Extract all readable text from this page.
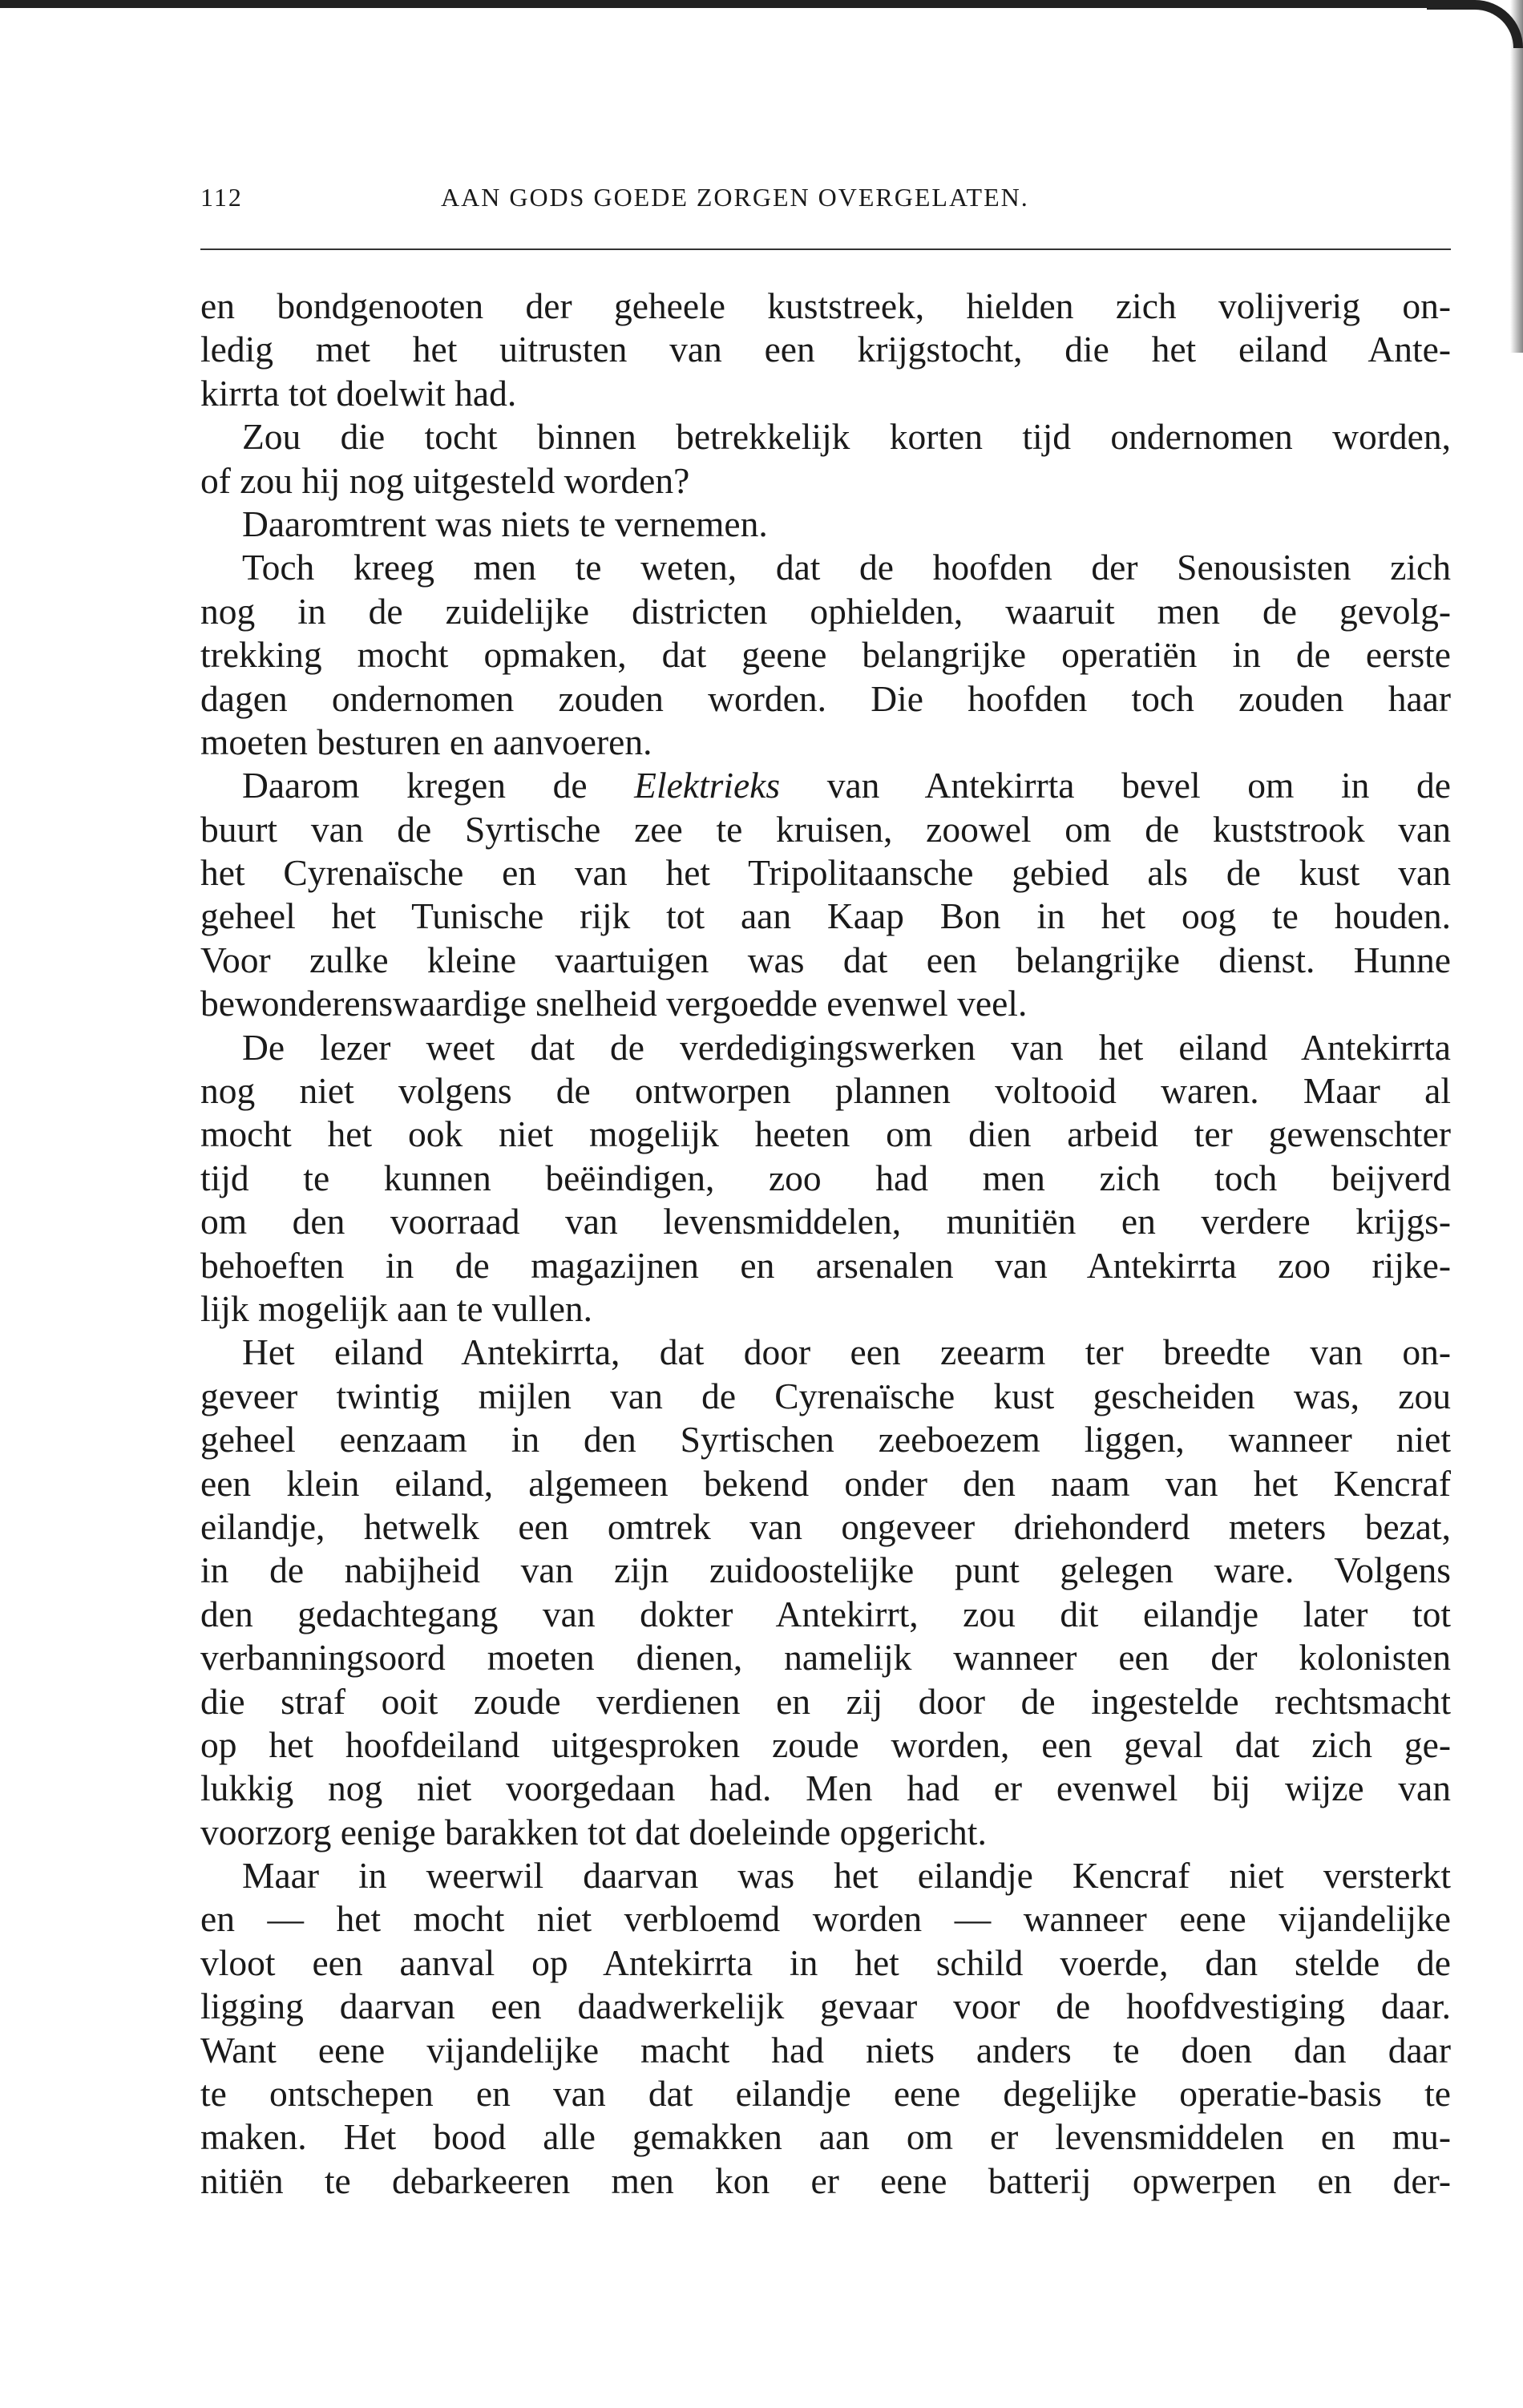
112	AAN GODS GOEDE ZORGEN OVERGELATEN.
en bondgenooten der geheele kuststreek, hielden zich volijverig on-
ledig met het uitrusten van een krijgstocht, die het eiland Ante-
kirrta tot doelwit had.
Zou die tocht binnen betrekkelijk korten tijd ondernomen worden,
of zou hij nog uitgesteld worden?
Daaromtrent was niets te vernemen.
Toch kreeg men te weten, dat de hoofden der Senousisten zich
nog in de zuidelijke districten ophielden, waaruit men de gevolg-
trekking mocht opmaken, dat geene belangrijke operatiën in de eerste
dagen ondernomen zouden worden. Die hoofden toch zouden haar
moeten besturen en aanvoeren.
Daarom kregen de Elektrieks van Antekirrta bevel om in de
buurt van de Syrtische zee te kruisen, zoowel om de kuststrook van
het Cyrenaïsche en van het Tripolitaansche gebied als de kust van
geheel het Tunische rijk tot aan Kaap Bon in het oog te houden.
Voor zulke kleine vaartuigen was dat een belangrijke dienst. Hunne
bewonderenswaardige snelheid vergoedde evenwel veel.
De lezer weet dat de verdedigingswerken van het eiland Antekirrta
nog niet volgens de ontworpen plannen voltooid waren. Maar al
mocht het ook niet mogelijk heeten om dien arbeid ter gewenschter
tijd te kunnen beëindigen, zoo had men zich toch beijverd
om den voorraad van levensmiddelen, munitiën en verdere krijgs-
behoeften in de magazijnen en arsenalen van Antekirrta zoo rijke-
lijk mogelijk aan te vullen.
Het eiland Antekirrta, dat door een zeearm ter breedte van on-
geveer twintig mijlen van de Cyrenaïsche kust gescheiden was, zou
geheel eenzaam in den Syrtischen zeeboezem liggen, wanneer niet
een klein eiland, algemeen bekend onder den naam van het Kencraf
eilandje, hetwelk een omtrek van ongeveer driehonderd meters bezat,
in de nabijheid van zijn zuidoostelijke punt gelegen ware. Volgens
den gedachtegang van dokter Antekirrt, zou dit eilandje later tot
verbanningsoord moeten dienen, namelijk wanneer een der kolonisten
die straf ooit zoude verdienen en zij door de ingestelde rechtsmacht
op het hoofdeiland uitgesproken zoude worden, een geval dat zich ge-
lukkig nog niet voorgedaan had. Men had er evenwel bij wijze van
voorzorg eenige barakken tot dat doeleinde opgericht.
Maar in weerwil daarvan was het eilandje Kencraf niet versterkt
en — het mocht niet verbloemd worden — wanneer eene vijandelijke
vloot een aanval op Antekirrta in het schild voerde, dan stelde de
ligging daarvan een daadwerkelijk gevaar voor de hoofdvestiging daar.
Want eene vijandelijke macht had niets anders te doen dan daar
te ontschepen en van dat eilandje eene degelijke operatie-basis te
maken. Het bood alle gemakken aan om er levensmiddelen en mu-
nitiën te debarkeeren men kon er eene batterij opwerpen en der-
